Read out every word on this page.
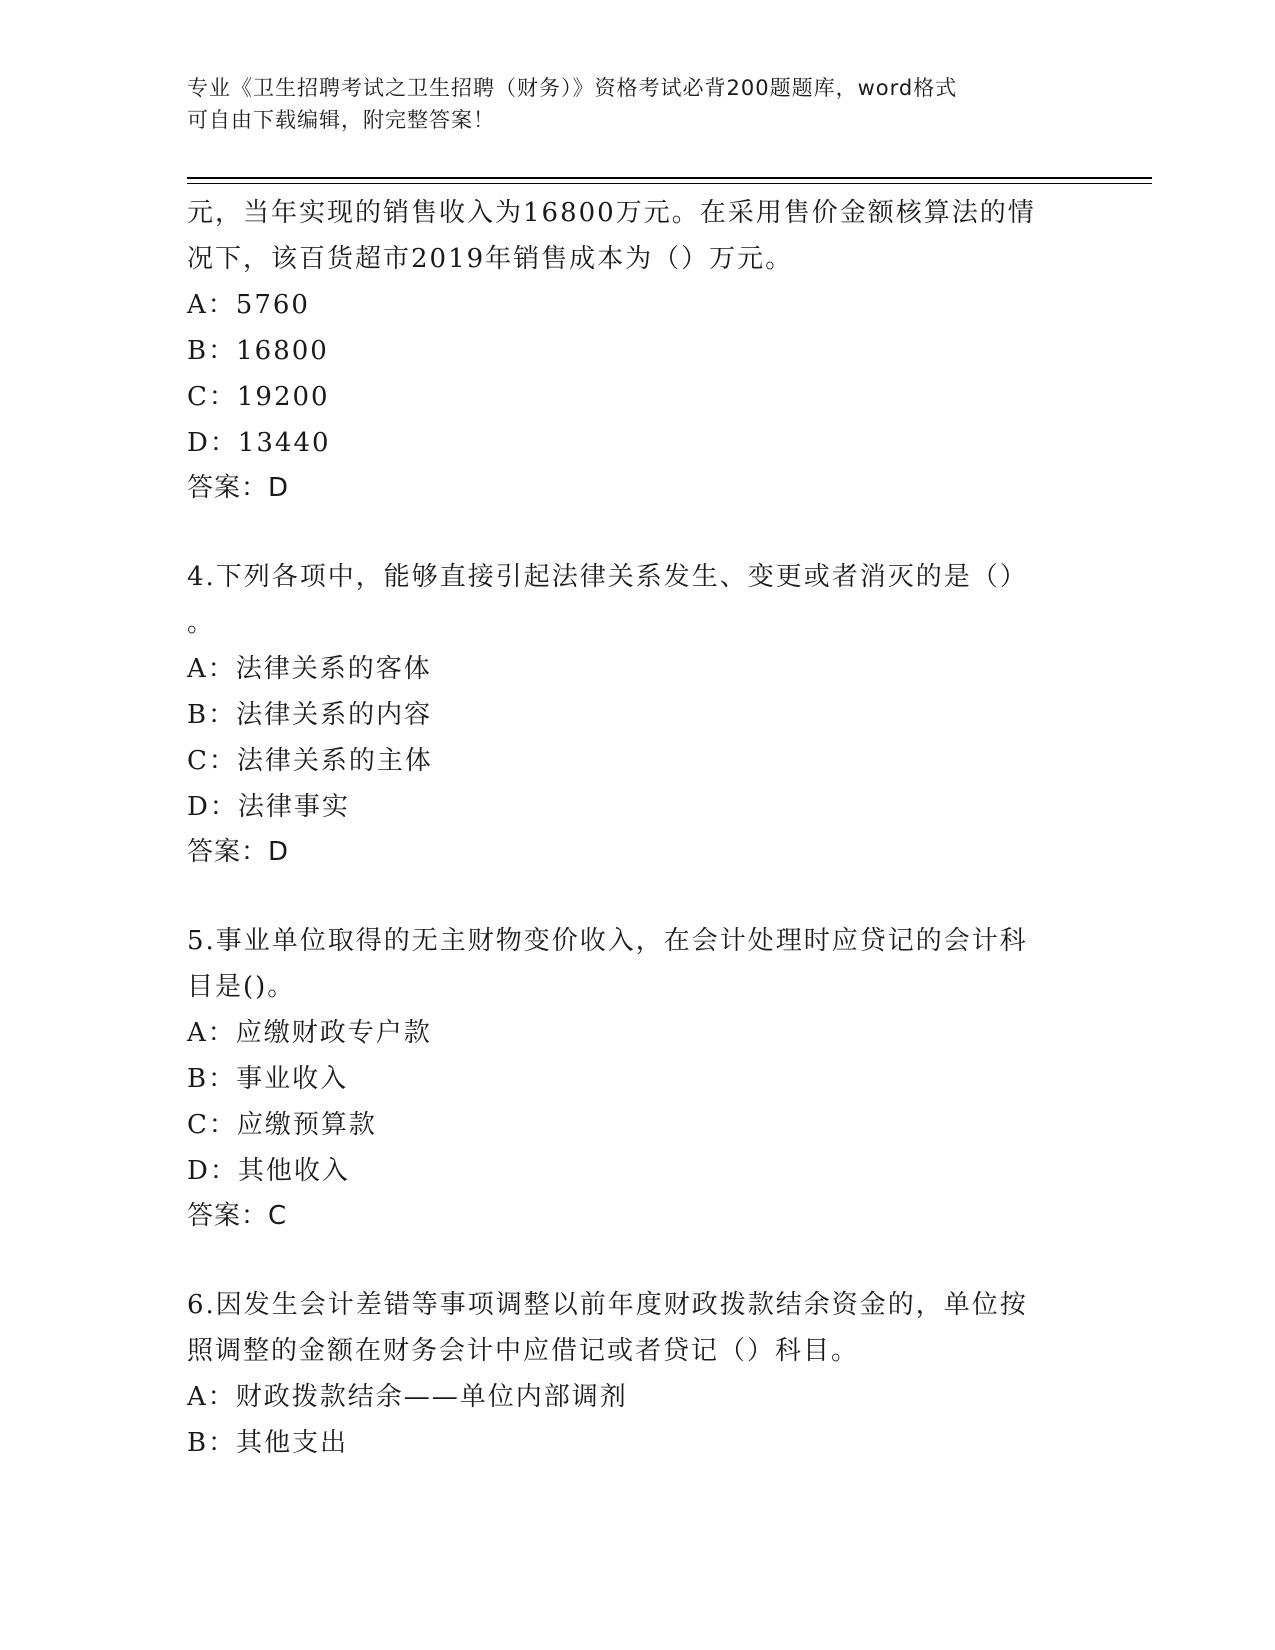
专业《卫生招聘考试之卫生招聘（财务）》资格考试必背200题题库，word格式
可自由下载编辑，附完整答案！
元，当年实现的销售收入为16800万元。在采用售价金额核算法的情
况下，该百货超市2019年销售成本为（）万元。
A：5760
B：16800
C：19200
D：13440
答案：D
4.下列各项中，能够直接引起法律关系发生、变更或者消灭的是（）
。
A：法律关系的客体
B：法律关系的内容
C：法律关系的主体
D：法律事实
答案：D
5.事业单位取得的无主财物变价收入，在会计处理时应贷记的会计科
目是()。
A：应缴财政专户款
B：事业收入
C：应缴预算款
D：其他收入
答案：C
6.因发生会计差错等事项调整以前年度财政拨款结余资金的，单位按
照调整的金额在财务会计中应借记或者贷记（）科目。
A：财政拨款结余——单位内部调剂
B：其他支出
